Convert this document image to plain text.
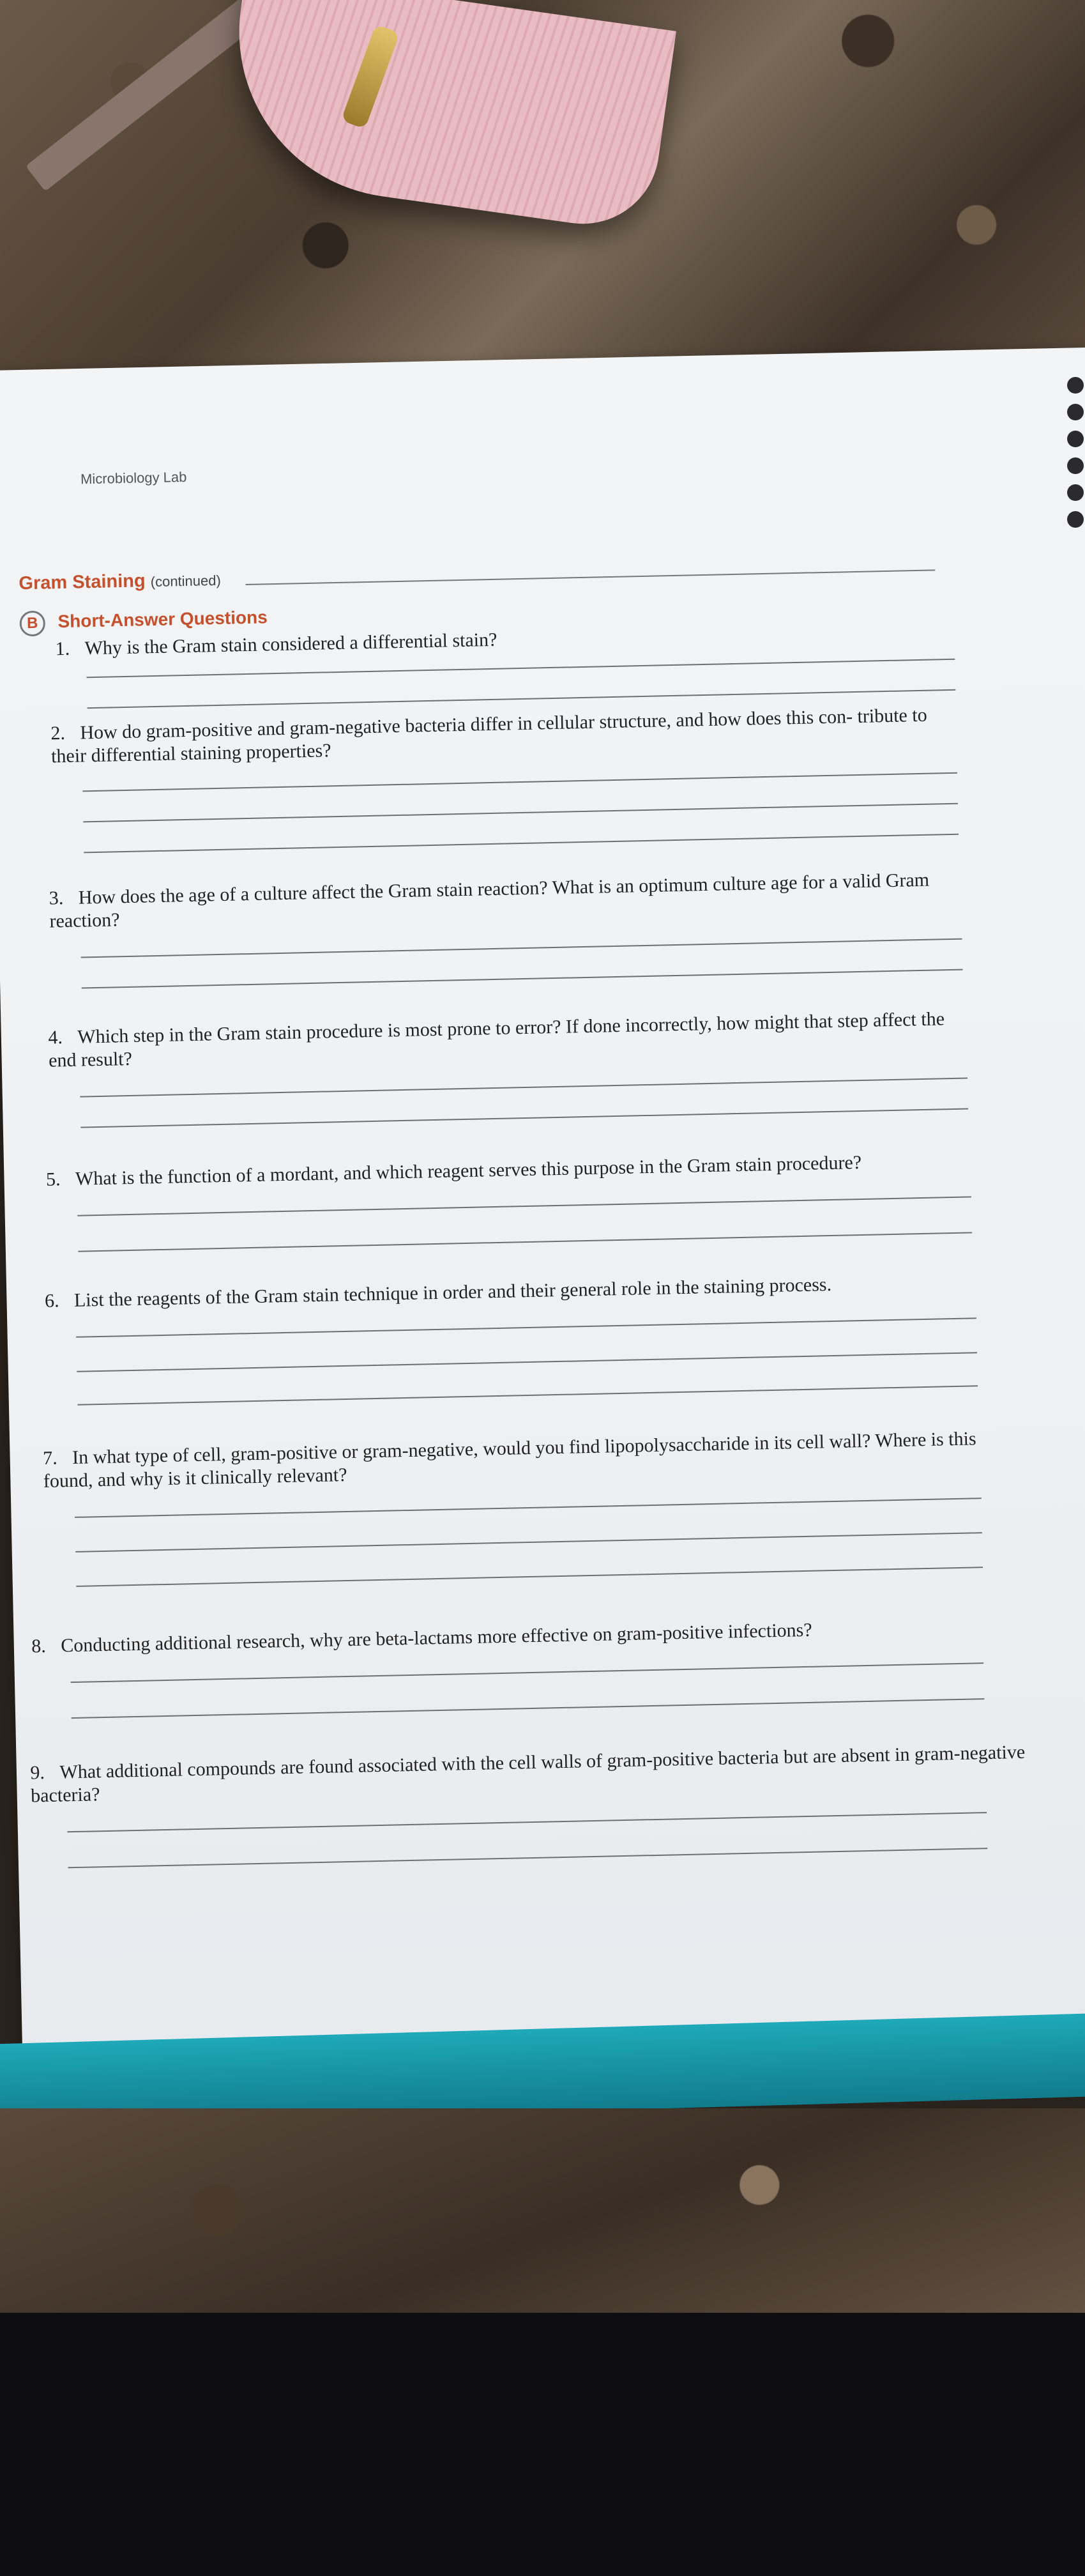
Microbiology Lab
Gram Staining (continued)
B Short-Answer Questions
1. Why is the Gram stain considered a differential stain?
2. How do gram-positive and gram-negative bacteria differ in cellular structure, and how does this con- tribute to their differential staining properties?
3. How does the age of a culture affect the Gram stain reaction? What is an optimum culture age for a valid Gram reaction?
4. Which step in the Gram stain procedure is most prone to error? If done incorrectly, how might that step affect the end result?
5. What is the function of a mordant, and which reagent serves this purpose in the Gram stain procedure?
6. List the reagents of the Gram stain technique in order and their general role in the staining process.
7. In what type of cell, gram-positive or gram-negative, would you find lipopolysaccharide in its cell wall? Where is this found, and why is it clinically relevant?
8. Conducting additional research, why are beta-lactams more effective on gram-positive infections?
9. What additional compounds are found associated with the cell walls of gram-positive bacteria but are absent in gram-negative bacteria?
